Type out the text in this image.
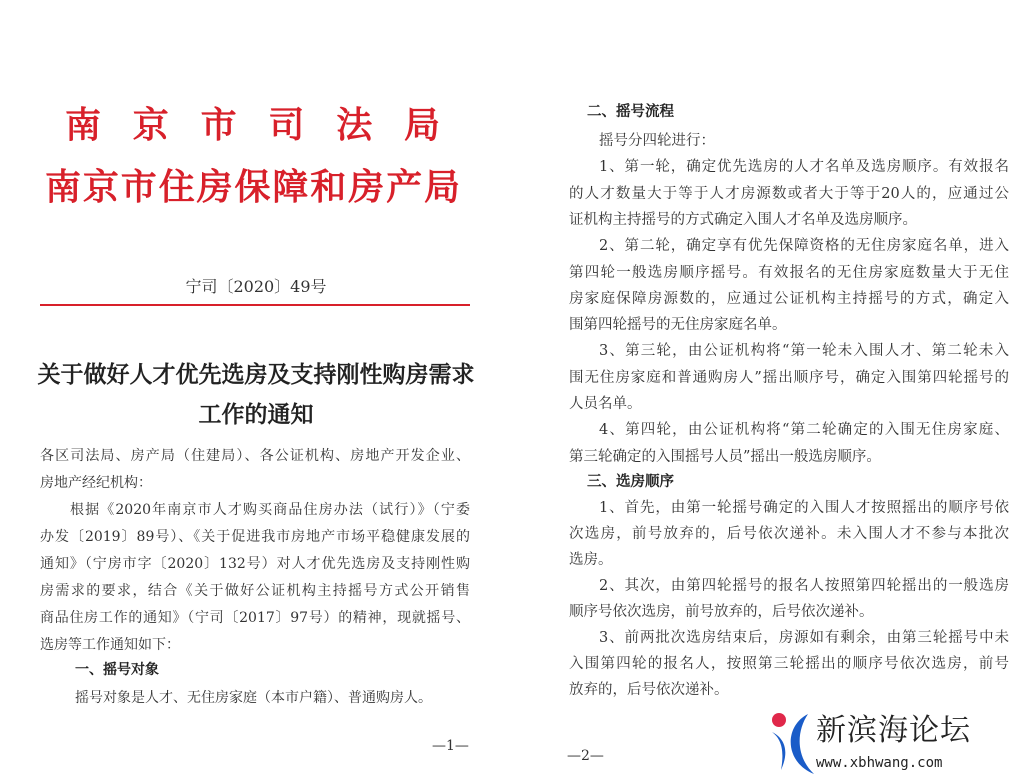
南京市司法局
南京市住房保障和房产局
宁司〔2020〕49号
关于做好人才优先选房及支持刚性购房需求
工作的通知
各区司法局、房产局（住建局）、各公证机构、房地产开发企业、
房地产经纪机构：
根据《2020年南京市人才购买商品住房办法（试行）》（宁委
办发〔2019〕89号）、《关于促进我市房地产市场平稳健康发展的
通知》（宁房市字〔2020〕132号）对人才优先选房及支持刚性购
房需求的要求，结合《关于做好公证机构主持摇号方式公开销售
商品住房工作的通知》（宁司〔2017〕97号）的精神，现就摇号、
选房等工作通知如下：
一、摇号对象
摇号对象是人才、无住房家庭（本市户籍）、普通购房人。
—1—
二、摇号流程
摇号分四轮进行：
1、第一轮，确定优先选房的人才名单及选房顺序。有效报名
的人才数量大于等于人才房源数或者大于等于20人的，应通过公
证机构主持摇号的方式确定入围人才名单及选房顺序。
2、第二轮，确定享有优先保障资格的无住房家庭名单，进入
第四轮一般选房顺序摇号。有效报名的无住房家庭数量大于无住
房家庭保障房源数的，应通过公证机构主持摇号的方式，确定入
围第四轮摇号的无住房家庭名单。
3、第三轮，由公证机构将“第一轮未入围人才、第二轮未入
围无住房家庭和普通购房人”摇出顺序号，确定入围第四轮摇号的
人员名单。
4、第四轮，由公证机构将“第二轮确定的入围无住房家庭、
第三轮确定的入围摇号人员”摇出一般选房顺序。
三、选房顺序
1、首先，由第一轮摇号确定的入围人才按照摇出的顺序号依
次选房，前号放弃的，后号依次递补。未入围人才不参与本批次
选房。
2、其次，由第四轮摇号的报名人按照第四轮摇出的一般选房
顺序号依次选房，前号放弃的，后号依次递补。
3、前两批次选房结束后，房源如有剩余，由第三轮摇号中未
入围第四轮的报名人，按照第三轮摇出的顺序号依次选房，前号
放弃的，后号依次递补。
—2—
新滨海论坛
www.xbhwang.com
